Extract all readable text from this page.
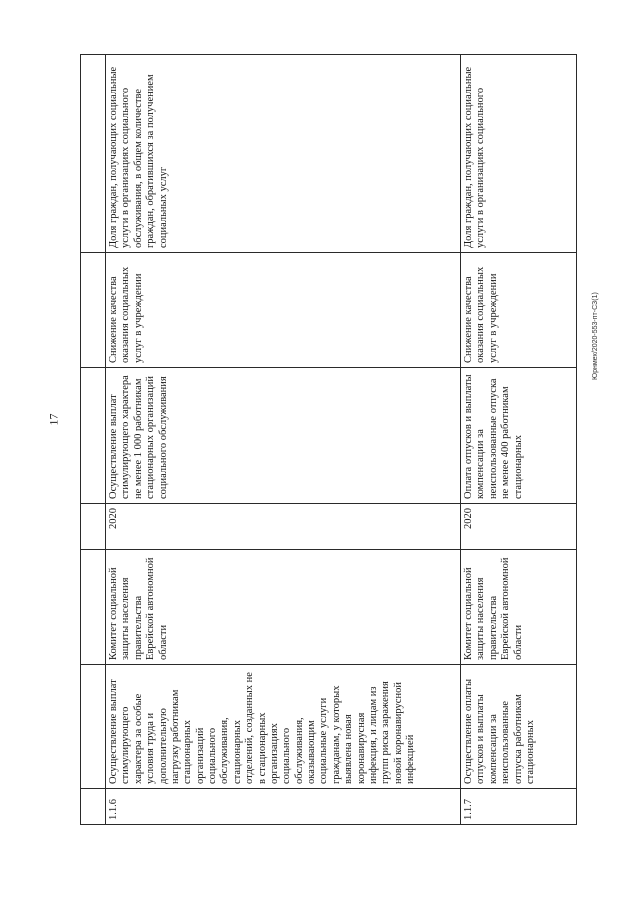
17

1.1.6	Осуществление выплат стимулирующего характера за особые условия труда и дополнительную нагрузку работникам стационарных организаций социального обслуживания, стационарных отделений, созданных не в стационарных организациях социального обслуживания, оказывающим социальные услуги гражданам, у которых выявлена новая коронавирусная инфекция, и лицам из групп риска заражения новой коронавирусной инфекцией	Комитет социальной защиты населения правительства Еврейской автономной области	2020	Осуществление выплат стимулирующего характера не менее 1 000 работникам стационарных организаций социального обслуживания	Снижение качества оказания социальных услуг в учреждении	Доля граждан, получающих социальные услуги в организациях социального обслуживания, в общем количестве граждан, обратившихся за получением социальных услуг
1.1.7	Осуществление оплаты отпусков и выплаты компенсации за неиспользованные отпуска работникам стационарных	Комитет социальной защиты населения правительства Еврейской автономной области	2020	Оплата отпусков и выплаты компенсации за неиспользованные отпуска не менее 400 работникам стационарных	Снижение качества оказания социальных услуг в учреждении	Доля граждан, получающих социальные услуги в организациях социального
Юрнмех/2020-553-пт-СЗ(1)
